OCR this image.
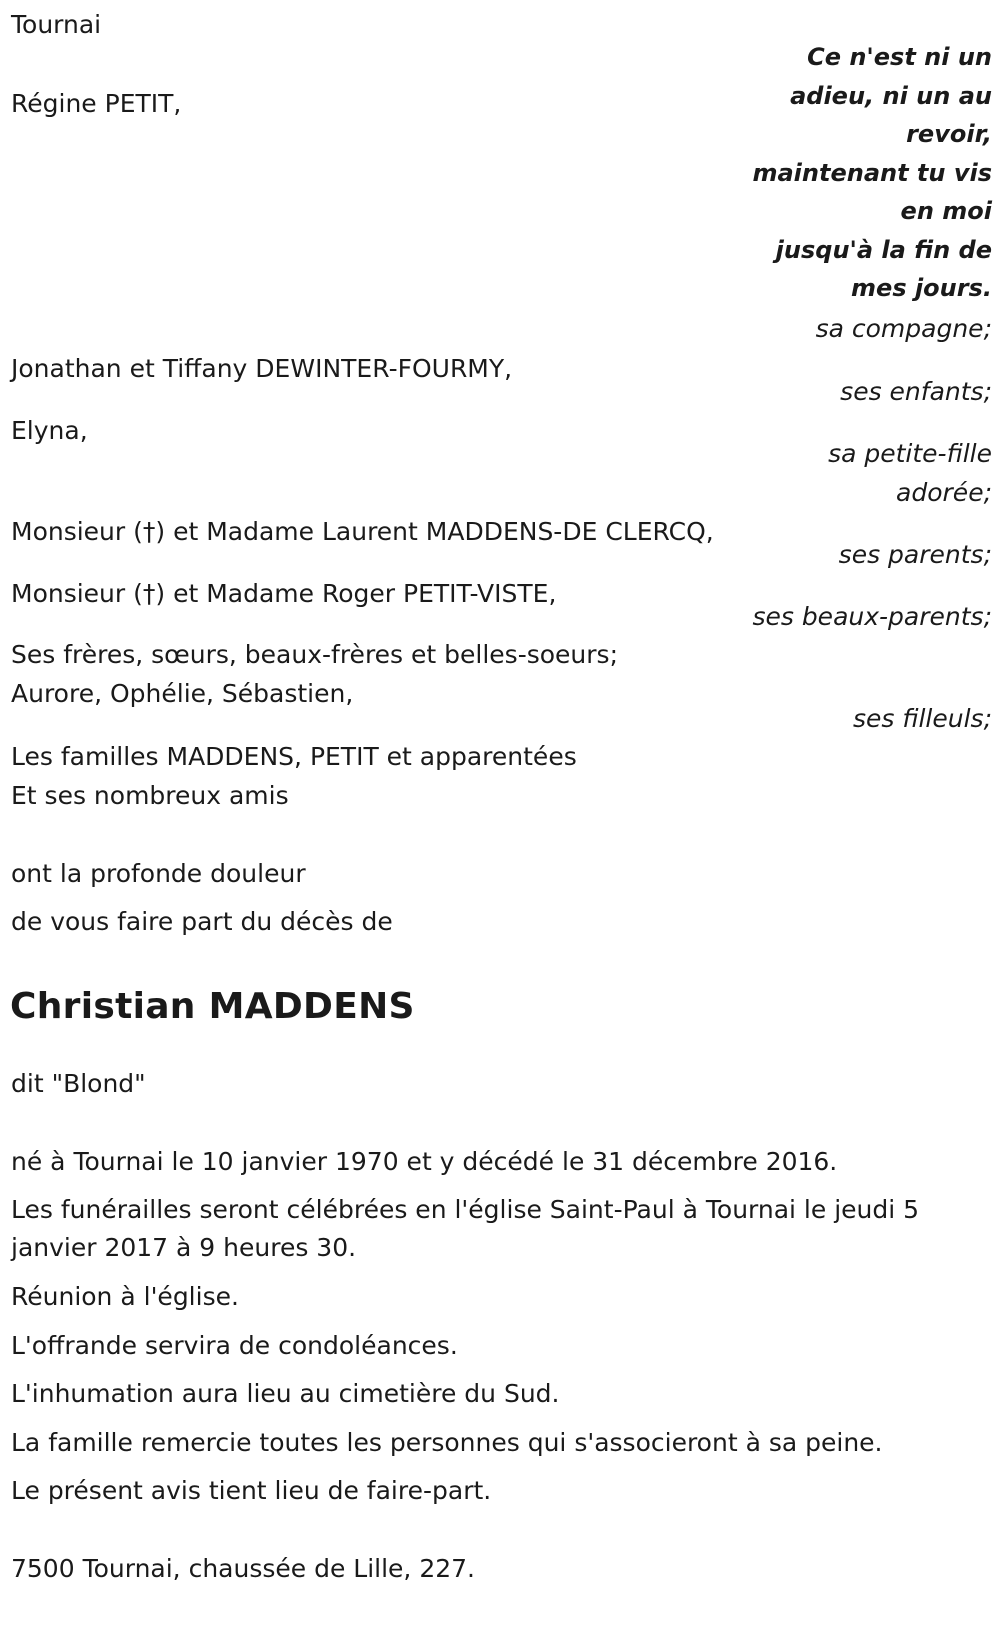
Tournai
Ce n'est ni un
adieu, ni un au
revoir,
maintenant tu vis
en moi
jusqu'à la fin de
mes jours.
Régine PETIT,
sa compagne;
Jonathan et Tiffany DEWINTER-FOURMY,
ses enfants;
Elyna,
sa petite-fille
adorée;
Monsieur (†) et Madame Laurent MADDENS-DE CLERCQ,
ses parents;
Monsieur (†) et Madame Roger PETIT-VISTE,
ses beaux-parents;
Ses frères, sœurs, beaux-frères et belles-soeurs;
Aurore, Ophélie, Sébastien,
ses filleuls;
Les familles MADDENS, PETIT et apparentées
Et ses nombreux amis
ont la profonde douleur
de vous faire part du décès de
Christian MADDENS
dit "Blond"
né à Tournai le 10 janvier 1970 et y décédé le 31 décembre 2016.
Les funérailles seront célébrées en l'église Saint-Paul à Tournai le jeudi 5 janvier 2017 à 9 heures 30.
Réunion à l'église.
L'offrande servira de condoléances.
L'inhumation aura lieu au cimetière du Sud.
La famille remercie toutes les personnes qui s'associeront à sa peine.
Le présent avis tient lieu de faire-part.
7500 Tournai, chaussée de Lille, 227.
